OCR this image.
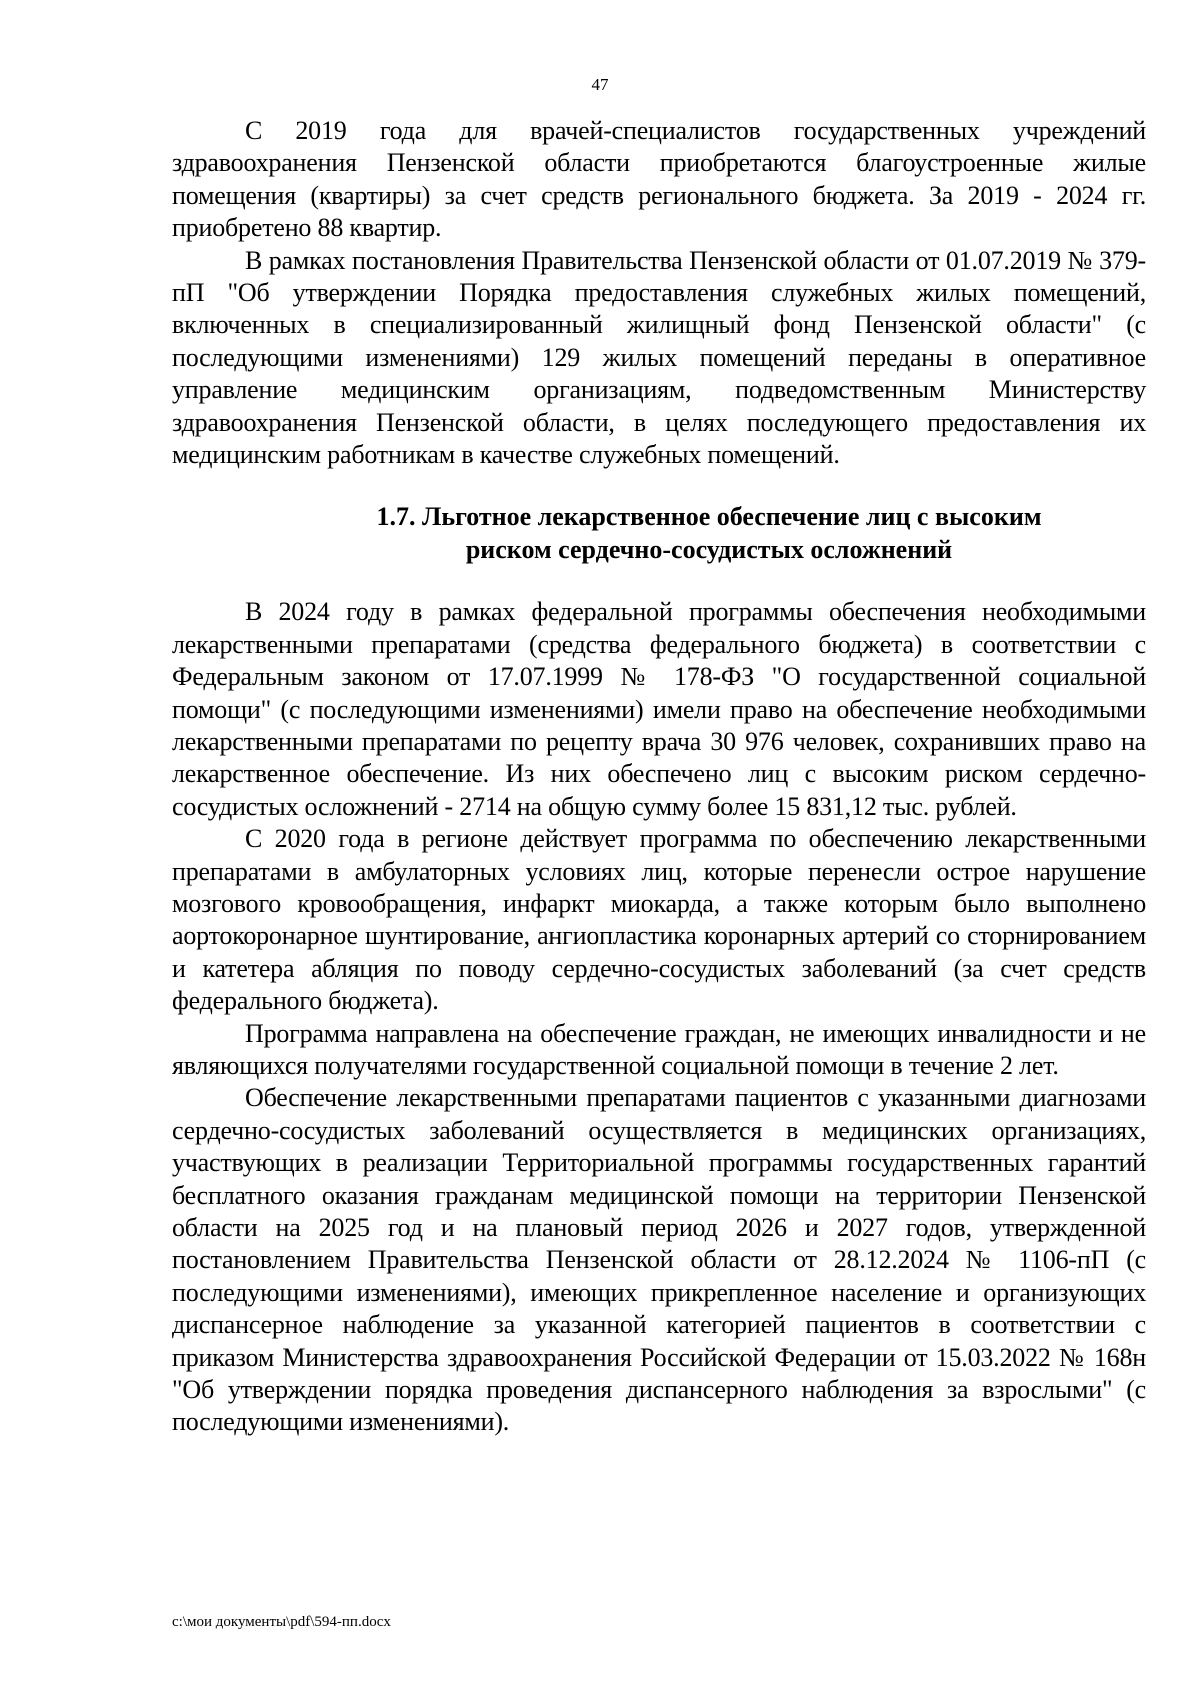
47

С 2019 года для врачей-специалистов государственных учреждений здравоохранения Пензенской области приобретаются благоустроенные жилые помещения (квартиры) за счет средств регионального бюджета. За 2019 - 2024 гг. приобретено 88 квартир.

В рамках постановления Правительства Пензенской области от 01.07.2019 № 379-пП "Об утверждении Порядка предоставления служебных жилых помещений, включенных в специализированный жилищный фонд Пензенской области" (с последующими изменениями) 129 жилых помещений переданы в оперативное управление медицинским организациям, подведомственным Министерству здравоохранения Пензенской области, в целях последующего предоставления их медицинским работникам в качестве служебных помещений.

1.7. Льготное лекарственное обеспечение лиц с высоким
риском сердечно-сосудистых осложнений

В 2024 году в рамках федеральной программы обеспечения необходимыми лекарственными препаратами (средства федерального бюджета) в соответствии с Федеральным законом от 17.07.1999 № 178-ФЗ "О государственной социальной помощи" (с последующими изменениями) имели право на обеспечение необходимыми лекарственными препаратами по рецепту врача 30 976 человек, сохранивших право на лекарственное обеспечение. Из них обеспечено лиц с высоким риском сердечно-сосудистых осложнений - 2714 на общую сумму более 15 831,12 тыс. рублей.

С 2020 года в регионе действует программа по обеспечению лекарственными препаратами в амбулаторных условиях лиц, которые перенесли острое нарушение мозгового кровообращения, инфаркт миокарда, а также которым было выполнено аортокоронарное шунтирование, ангиопластика коронарных артерий со сторнированием и катетера абляция по поводу сердечно-сосудистых заболеваний (за счет средств федерального бюджета).

Программа направлена на обеспечение граждан, не имеющих инвалидности и не являющихся получателями государственной социальной помощи в течение 2 лет.

Обеспечение лекарственными препаратами пациентов с указанными диагнозами сердечно-сосудистых заболеваний осуществляется в медицинских организациях, участвующих в реализации Территориальной программы государственных гарантий бесплатного оказания гражданам медицинской помощи на территории Пензенской области на 2025 год и на плановый период 2026 и 2027 годов, утвержденной постановлением Правительства Пензенской области от 28.12.2024 № 1106-пП (с последующими изменениями), имеющих прикрепленное население и организующих диспансерное наблюдение за указанной категорией пациентов в соответствии с приказом Министерства здравоохранения Российской Федерации от 15.03.2022 № 168н "Об утверждении порядка проведения диспансерного наблюдения за взрослыми" (с последующими изменениями).

c:\мои документы\pdf\594-пп.docx
